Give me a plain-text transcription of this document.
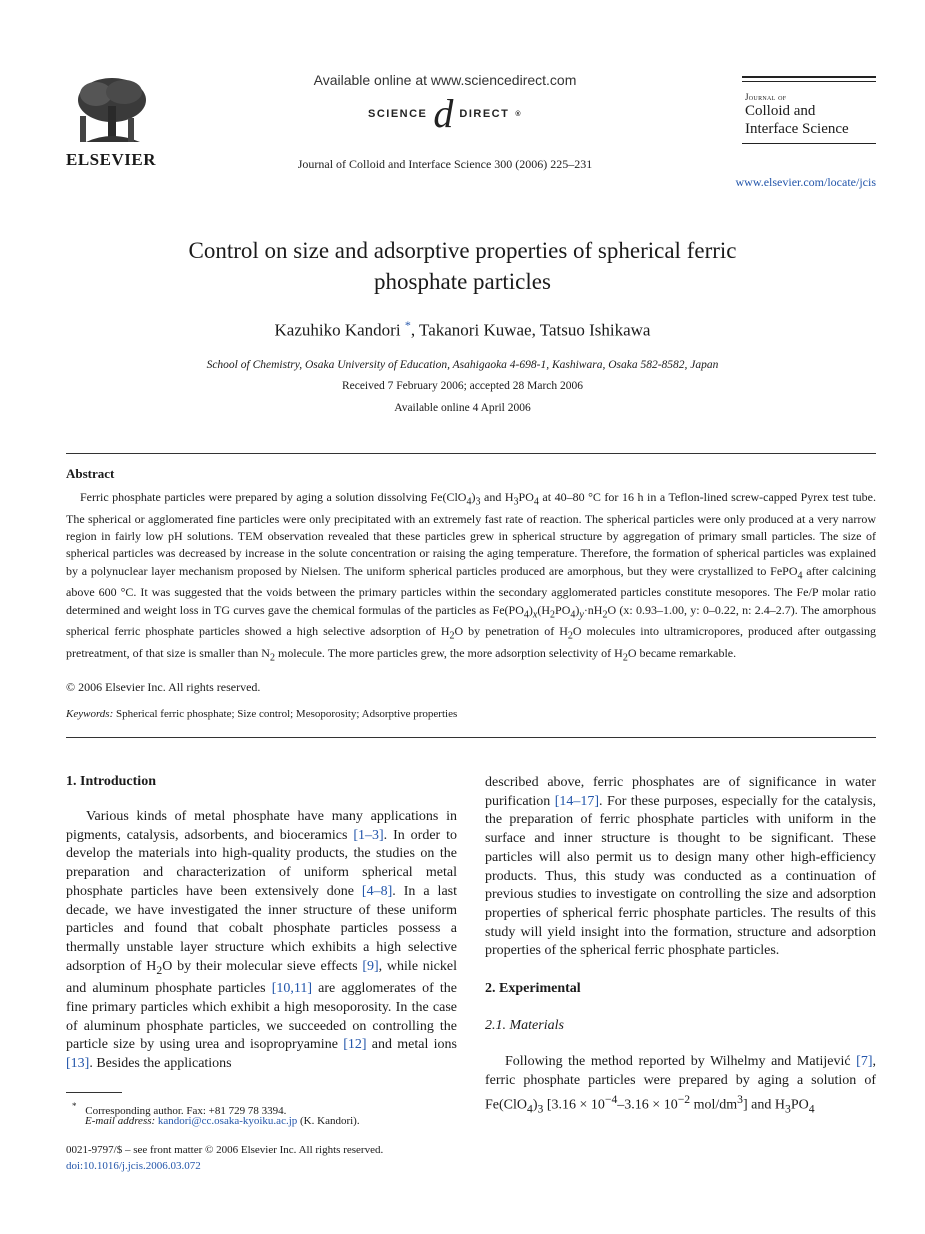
ELSEVIER
Available online at www.sciencedirect.com
SCIENCE d DIRECT ®
Journal of Colloid and Interface Science 300 (2006) 225–231
Journal of
Colloid and
Interface Science
www.elsevier.com/locate/jcis
Control on size and adsorptive properties of spherical ferric
phosphate particles
Kazuhiko Kandori *, Takanori Kuwae, Tatsuo Ishikawa
School of Chemistry, Osaka University of Education, Asahigaoka 4-698-1, Kashiwara, Osaka 582-8582, Japan
Received 7 February 2006; accepted 28 March 2006
Available online 4 April 2006
Abstract

Ferric phosphate particles were prepared by aging a solution dissolving $Fe(ClO_4)_3$ and $H_3PO_4$ at 40–80 °C for 16 h in a Teflon-lined screw-capped Pyrex test tube. The spherical or agglomerated fine particles were only precipitated with an extremely fast rate of reaction. The spherical particles were only produced at a very narrow region in fairly low pH solutions. TEM observation revealed that these particles grew in spherical structure by aggregation of primary small particles. The size of spherical particles was decreased by increase in the solute concentration or raising the aging temperature. Therefore, the formation of spherical particles was explained by a polynuclear layer mechanism proposed by Nielsen. The uniform spherical particles produced are amorphous, but they were crystallized to FePO$_4$ after calcining above 600 °C. It was suggested that the voids between the primary particles within the secondary agglomerated particles constitute mesopores. The Fe/P molar ratio determined and weight loss in TG curves gave the chemical formulas of the particles as $Fe(PO_4)_x(H_2PO_4)_y\cdot nH_2O$ (x: 0.93–1.00, y: 0–0.22, n: 2.4–2.7). The amorphous spherical ferric phosphate particles showed a high selective adsorption of $H_2O$ by penetration of $H_2O$ molecules into ultramicropores, produced after outgassing pretreatment, of that size is smaller than $N_2$ molecule. The more particles grew, the more adsorption selectivity of $H_2O$ became remarkable.

© 2006 Elsevier Inc. All rights reserved.
Keywords: Spherical ferric phosphate; Size control; Mesoporosity; Adsorptive properties
1. Introduction
Various kinds of metal phosphate have many applications in pigments, catalysis, adsorbents, and bioceramics [1–3]. In order to develop the materials into high-quality products, the studies on the preparation and characterization of uniform spherical metal phosphate particles have been extensively done [4–8]. In a last decade, we have investigated the inner structure of these uniform particles and found that cobalt phosphate particles possess a thermally unstable layer structure which exhibits a high selective adsorption of $H_2O$ by their molecular sieve effects [9], while nickel and aluminum phosphate particles [10,11] are agglomerates of the fine primary particles which exhibit a high mesoporosity. In the case of aluminum phosphate particles, we succeeded on controlling the particle size by using urea and isopropryamine [12] and metal ions [13]. Besides the applications
described above, ferric phosphates are of significance in water purification [14–17]. For these purposes, especially for the catalysis, the preparation of ferric phosphate particles with uniform in the surface and inner structure is thought to be significant. These particles will also permit us to design many other high-efficiency products. Thus, this study was conducted as a continuation of previous studies to investigate on controlling the size and adsorption properties of spherical ferric phosphate particles. The results of this study will yield insight into the formation, structure and adsorption properties of the spherical ferric phosphate particles.
2. Experimental
2.1. Materials
Following the method reported by Wilhelmy and Matijević [7], ferric phosphate particles were prepared by aging a solution of $Fe(ClO_4)_3$ [$3.16 \times 10^{-4}-3.16 \times 10^{-2}$ mol/$dm^3$] and $H_3PO_4$
* Corresponding author. Fax: +81 729 78 3394.
E-mail address: kandori@cc.osaka-kyoiku.ac.jp (K. Kandori).
0021-9797/$ – see front matter © 2006 Elsevier Inc. All rights reserved.
doi:10.1016/j.jcis.2006.03.072
